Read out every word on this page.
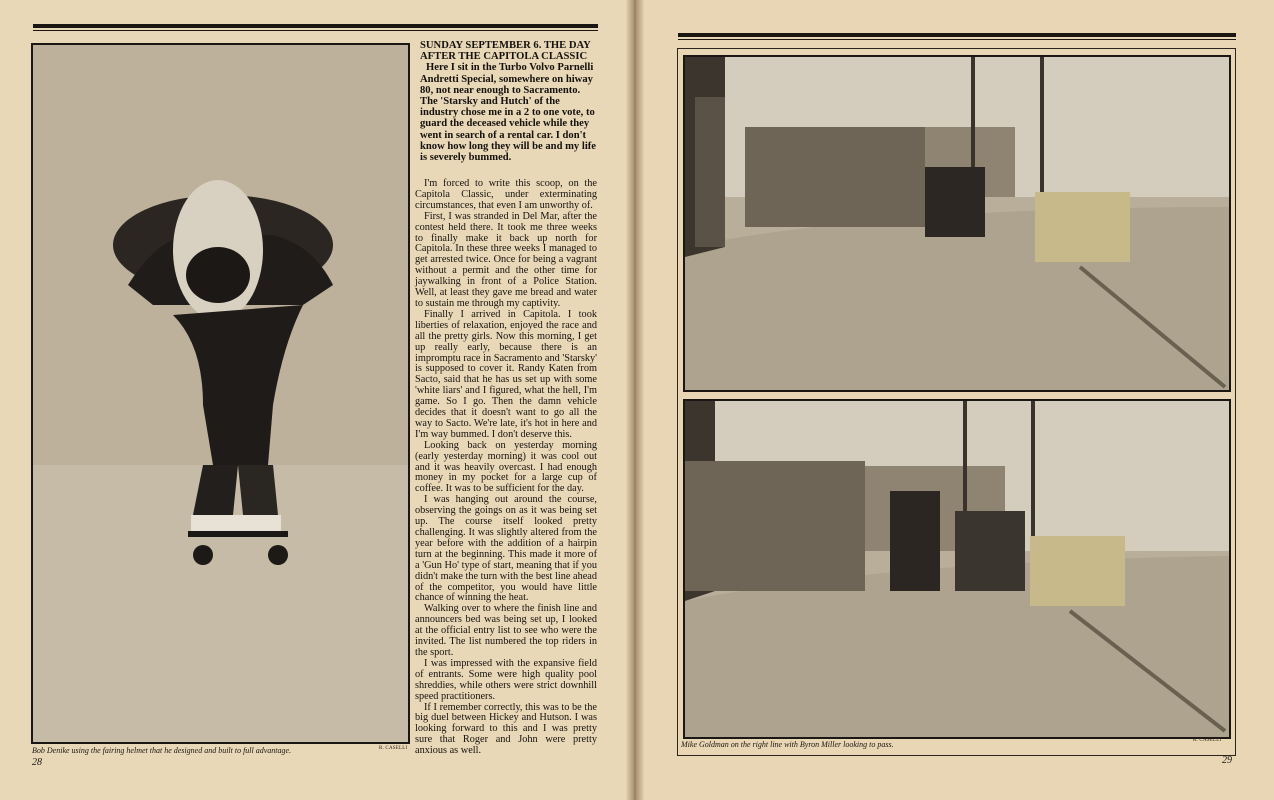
Bob Denike using the fairing helmet that he designed and built to full advantage.	R. CASELLI
28

SUNDAY SEPTEMBER 6. THE DAY AFTER THE CAPITOLA CLASSIC

Here I sit in the Turbo Volvo Parnelli Andretti Special, somewhere on hiway 80, not near enough to Sacramento. The 'Starsky and Hutch' of the industry chose me in a 2 to one vote, to guard the deceased vehicle while they went in search of a rental car. I don't know how long they will be and my life is severely bummed.

I'm forced to write this scoop, on the Capitola Classic, under exterminating circumstances, that even I am unworthy of.

First, I was stranded in Del Mar, after the contest held there. It took me three weeks to finally make it back up north for Capitola. In these three weeks I managed to get arrested twice. Once for being a vagrant without a permit and the other time for jaywalking in front of a Police Station. Well, at least they gave me bread and water to sustain me through my captivity.

Finally I arrived in Capitola. I took liberties of relaxation, enjoyed the race and all the pretty girls. Now this morning, I get up really early, because there is an impromptu race in Sacramento and 'Starsky' is supposed to cover it. Randy Katen from Sacto, said that he has us set up with some 'white liars' and I figured, what the hell, I'm game. So I go. Then the damn vehicle decides that it doesn't want to go all the way to Sacto. We're late, it's hot in here and I'm way bummed. I don't deserve this.

Looking back on yesterday morning (early yesterday morning) it was cool out and it was heavily overcast. I had enough money in my pocket for a large cup of coffee. It was to be sufficient for the day.

I was hanging out around the course, observing the goings on as it was being set up. The course itself looked pretty challenging. It was slightly altered from the year before with the addition of a hairpin turn at the beginning. This made it more of a 'Gun Ho' type of start, meaning that if you didn't make the turn with the best line ahead of the competitor, you would have little chance of winning the heat.

Walking over to where the finish line and announcers bed was being set up, I looked at the official entry list to see who were the invited. The list numbered the top riders in the sport.

I was impressed with the expansive field of entrants. Some were high quality pool shreddies, while others were strict downhill speed practitioners.

If I remember correctly, this was to be the big duel between Hickey and Hutson. I was looking forward to this and I was pretty sure that Roger and John were pretty anxious as well.

Mike Goldman on the right line with Byron Miller looking to pass.	R. CASELLI
29
